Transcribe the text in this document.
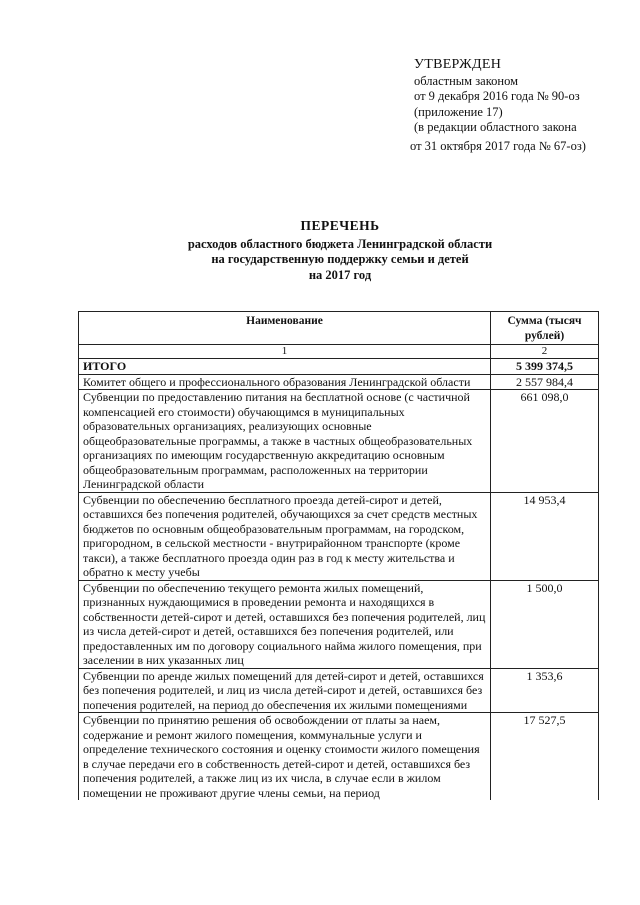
УТВЕРЖДЕН
областным законом
от 9 декабря 2016 года № 90-оз
(приложение 17)
(в редакции областного закона
от 31 октября 2017 года № 67-оз)
ПЕРЕЧЕНЬ
расходов областного бюджета Ленинградской области
на государственную поддержку семьи и детей
на 2017 год
Наименование	Сумма (тысяч рублей)
1	2
ИТОГО	5 399 374,5
Комитет общего и профессионального образования Ленинградской области	2 557 984,4
Субвенции по предоставлению питания на бесплатной основе (с частичной компенсацией его стоимости) обучающимся в муниципальных образовательных организациях, реализующих основные общеобразовательные программы, а также в частных общеобразовательных организациях по имеющим государственную аккредитацию основным общеобразовательным программам, расположенных на территории Ленинградской области	661 098,0
Субвенции по обеспечению бесплатного проезда детей-сирот и детей, оставшихся без попечения родителей, обучающихся за счет средств местных бюджетов по основным общеобразовательным программам, на городском, пригородном, в сельской местности - внутрирайонном транспорте (кроме такси), а также бесплатного проезда один раз в год к месту жительства и обратно к месту учебы	14 953,4
Субвенции по обеспечению текущего ремонта жилых помещений, признанных нуждающимися в проведении ремонта и находящихся в собственности детей-сирот и детей, оставшихся без попечения родителей, лиц из числа детей-сирот и детей, оставшихся без попечения родителей, или предоставленных им по договору социального найма жилого помещения, при заселении в них указанных лиц	1 500,0
Субвенции по аренде жилых помещений для детей-сирот и детей, оставшихся без попечения родителей, и лиц из числа детей-сирот и детей, оставшихся без попечения родителей, на период до обеспечения их жилыми помещениями	1 353,6
Субвенции по принятию решения об освобождении от платы за наем, содержание и ремонт жилого помещения, коммунальные услуги и определение технического состояния и оценку стоимости жилого помещения в случае передачи его в собственность детей-сирот и детей, оставшихся без попечения родителей, а также лиц из их числа, в случае если в жилом помещении не проживают другие члены семьи, на период	17 527,5
